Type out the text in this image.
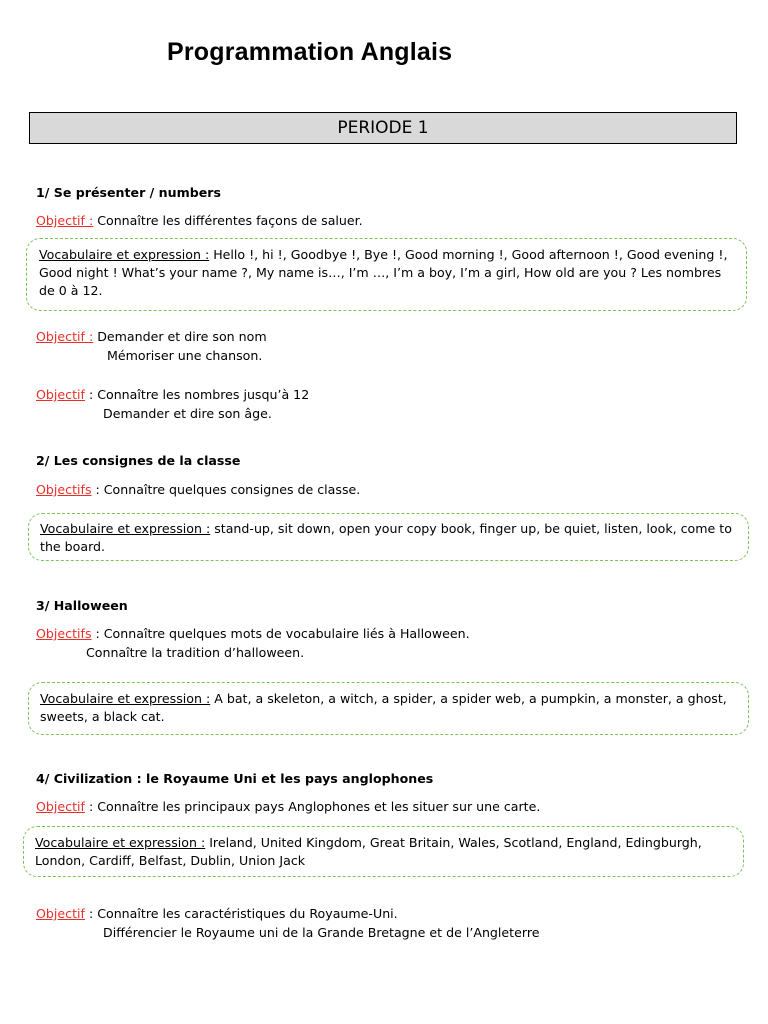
Programmation Anglais
PERIODE 1
1/ Se présenter / numbers
Objectif : Connaître les différentes façons de saluer.
Vocabulaire et expression : Hello !, hi !, Goodbye !, Bye !, Good morning !, Good afternoon !, Good evening !, Good night ! What’s your name ?, My name is…, I’m …, I’m a boy, I’m a girl, How old are you ? Les nombres de 0 à 12.
Objectif : Demander et dire son nom
Mémoriser une chanson.
Objectif : Connaître les nombres jusqu’à 12
Demander et dire son âge.
2/ Les consignes de la classe
Objectifs : Connaître quelques consignes de classe.
Vocabulaire et expression : stand-up, sit down, open your copy book, finger up, be quiet, listen, look, come to the board.
3/ Halloween
Objectifs : Connaître quelques mots de vocabulaire liés à Halloween.
Connaître la tradition d’halloween.
Vocabulaire et expression : A bat, a skeleton, a witch, a spider, a spider web, a pumpkin, a monster, a ghost, sweets, a black cat.
4/ Civilization : le Royaume Uni et les pays anglophones
Objectif : Connaître les principaux pays Anglophones et les situer sur une carte.
Vocabulaire et expression : Ireland, United Kingdom, Great Britain, Wales, Scotland, England, Edingburgh, London, Cardiff, Belfast, Dublin, Union Jack
Objectif : Connaître les caractéristiques du Royaume-Uni.
Différencier le Royaume uni de la Grande Bretagne et de l’Angleterre
